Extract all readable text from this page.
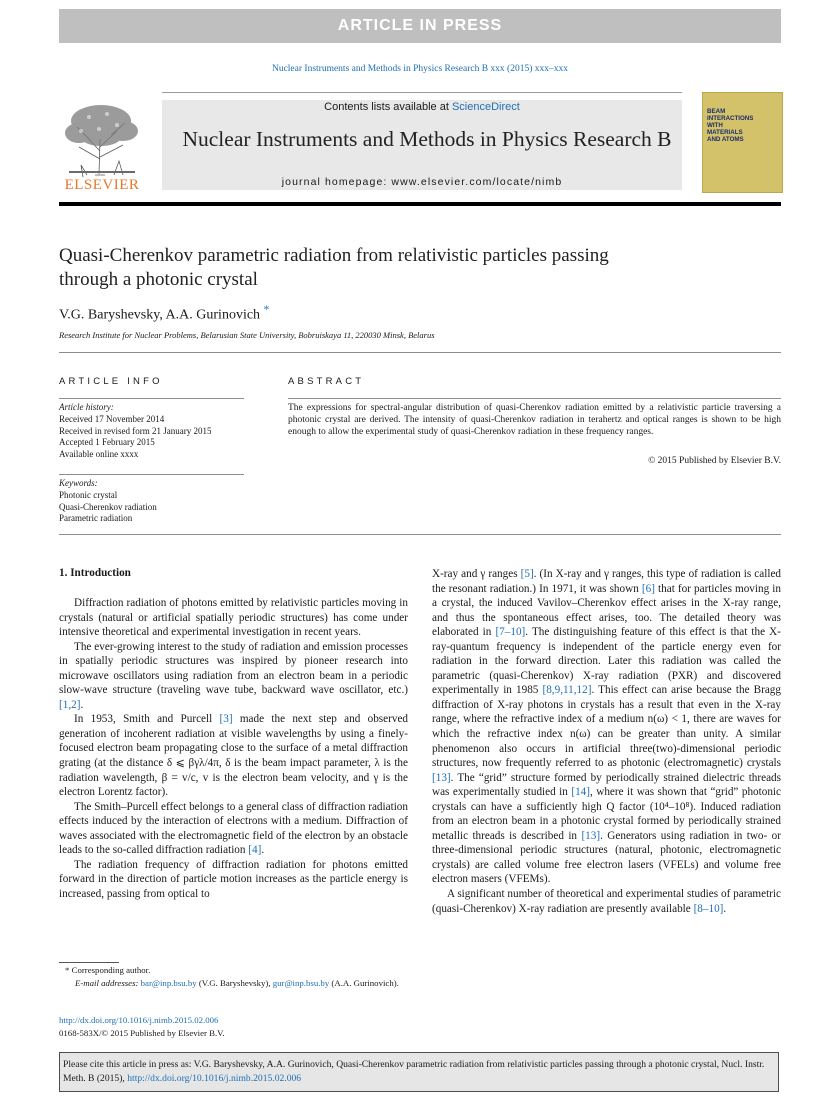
ARTICLE IN PRESS
Nuclear Instruments and Methods in Physics Research B xxx (2015) xxx–xxx
Contents lists available at ScienceDirect
Nuclear Instruments and Methods in Physics Research B
journal homepage: www.elsevier.com/locate/nimb
ELSEVIER
BEAM
INTERACTIONS
WITH
MATERIALS
AND ATOMS
Quasi-Cherenkov parametric radiation from relativistic particles passing
through a photonic crystal
V.G. Baryshevsky, A.A. Gurinovich *
Research Institute for Nuclear Problems, Belarusian State University, Bobruiskaya 11, 220030 Minsk, Belarus
ARTICLE INFO	ABSTRACT
Article history:
Received 17 November 2014
Received in revised form 21 January 2015
Accepted 1 February 2015
Available online xxxx
Keywords:
Photonic crystal
Quasi-Cherenkov radiation
Parametric radiation
The expressions for spectral-angular distribution of quasi-Cherenkov radiation emitted by a relativistic particle traversing a photonic crystal are derived. The intensity of quasi-Cherenkov radiation in terahertz and optical ranges is shown to be high enough to allow the experimental study of quasi-Cherenkov radiation in these frequency ranges.
© 2015 Published by Elsevier B.V.
1. Introduction

Diffraction radiation of photons emitted by relativistic particles moving in crystals (natural or artificial spatially periodic structures) has come under intensive theoretical and experimental investigation in recent years.

The ever-growing interest to the study of radiation and emission processes in spatially periodic structures was inspired by pioneer research into microwave oscillators using radiation from an electron beam in a periodic slow-wave structure (traveling wave tube, backward wave oscillator, etc.) [1,2].

In 1953, Smith and Purcell [3] made the next step and observed generation of incoherent radiation at visible wavelengths by using a finely-focused electron beam propagating close to the surface of a metal diffraction grating (at the distance δ ⩽ βγλ/4π, δ is the beam impact parameter, λ is the radiation wavelength, β = v/c, v is the electron beam velocity, and γ is the electron Lorentz factor).

The Smith–Purcell effect belongs to a general class of diffraction radiation effects induced by the interaction of electrons with a medium. Diffraction of waves associated with the electromagnetic field of the electron by an obstacle leads to the so-called diffraction radiation [4].

The radiation frequency of diffraction radiation for photons emitted forward in the direction of particle motion increases as the particle energy is increased, passing from optical to

X-ray and γ ranges [5]. (In X-ray and γ ranges, this type of radiation is called the resonant radiation.) In 1971, it was shown [6] that for particles moving in a crystal, the induced Vavilov–Cherenkov effect arises in the X-ray range, and thus the spontaneous effect arises, too. The detailed theory was elaborated in [7–10]. The distinguishing feature of this effect is that the X-ray-quantum frequency is independent of the particle energy even for radiation in the forward direction. Later this radiation was called the parametric (quasi-Cherenkov) X-ray radiation (PXR) and discovered experimentally in 1985 [8,9,11,12]. This effect can arise because the Bragg diffraction of X-ray photons in crystals has a result that even in the X-ray range, where the refractive index of a medium n(ω) < 1, there are waves for which the refractive index n(ω) can be greater than unity. A similar phenomenon also occurs in artificial three(two)-dimensional periodic structures, now frequently referred to as photonic (electromagnetic) crystals [13]. The “grid” structure formed by periodically strained dielectric threads was experimentally studied in [14], where it was shown that “grid” photonic crystals can have a sufficiently high Q factor (10⁴–10⁸). Induced radiation from an electron beam in a photonic crystal formed by periodically strained metallic threads is described in [13]. Generators using radiation in two- or three-dimensional periodic structures (natural, photonic, electromagnetic crystals) are called volume free electron lasers (VFELs) and volume free electron masers (VFEMs).

A significant number of theoretical and experimental studies of parametric (quasi-Cherenkov) X-ray radiation are presently available [8–10].

* Corresponding author.
E-mail addresses: bar@inp.bsu.by (V.G. Baryshevsky), gur@inp.bsu.by (A.A. Gurinovich).
http://dx.doi.org/10.1016/j.nimb.2015.02.006
0168-583X/© 2015 Published by Elsevier B.V.
Please cite this article in press as: V.G. Baryshevsky, A.A. Gurinovich, Quasi-Cherenkov parametric radiation from relativistic particles passing through a photonic crystal, Nucl. Instr. Meth. B (2015), http://dx.doi.org/10.1016/j.nimb.2015.02.006
